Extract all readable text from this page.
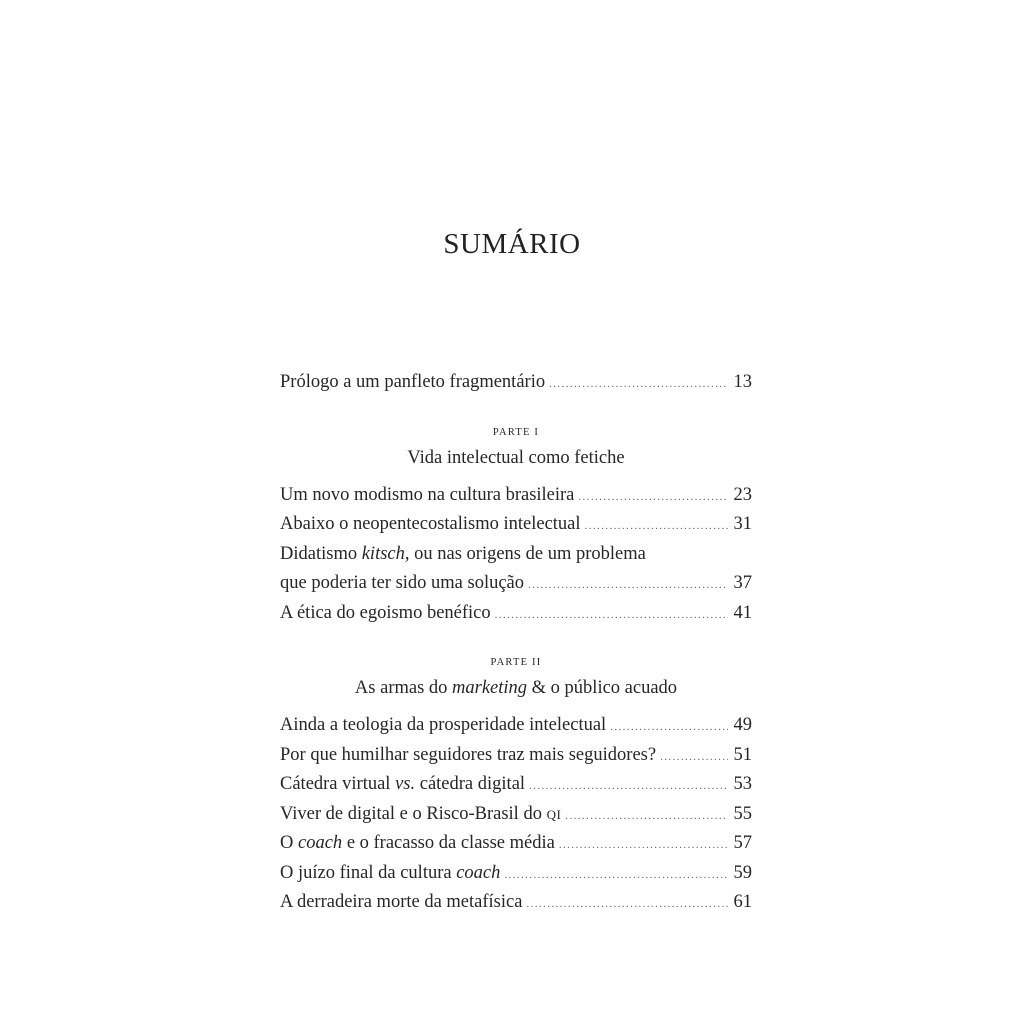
SUMÁRIO
Prólogo a um panfleto fragmentário .....	13
PARTE I
Vida intelectual como fetiche
Um novo modismo na cultura brasileira .....	23
Abaixo o neopentecostalismo intelectual .....	31
Didatismo kitsch, ou nas origens de um problema
que poderia ter sido uma solução .....	37
A ética do egoismo benéfico .....	41
PARTE II
As armas do marketing & o público acuado
Ainda a teologia da prosperidade intelectual .....	49
Por que humilhar seguidores traz mais seguidores? .....	51
Cátedra virtual vs. cátedra digital .....	53
Viver de digital e o Risco-Brasil do QI .....	55
O coach e o fracasso da classe média .....	57
O juízo final da cultura coach .....	59
A derradeira morte da metafísica .....	61
